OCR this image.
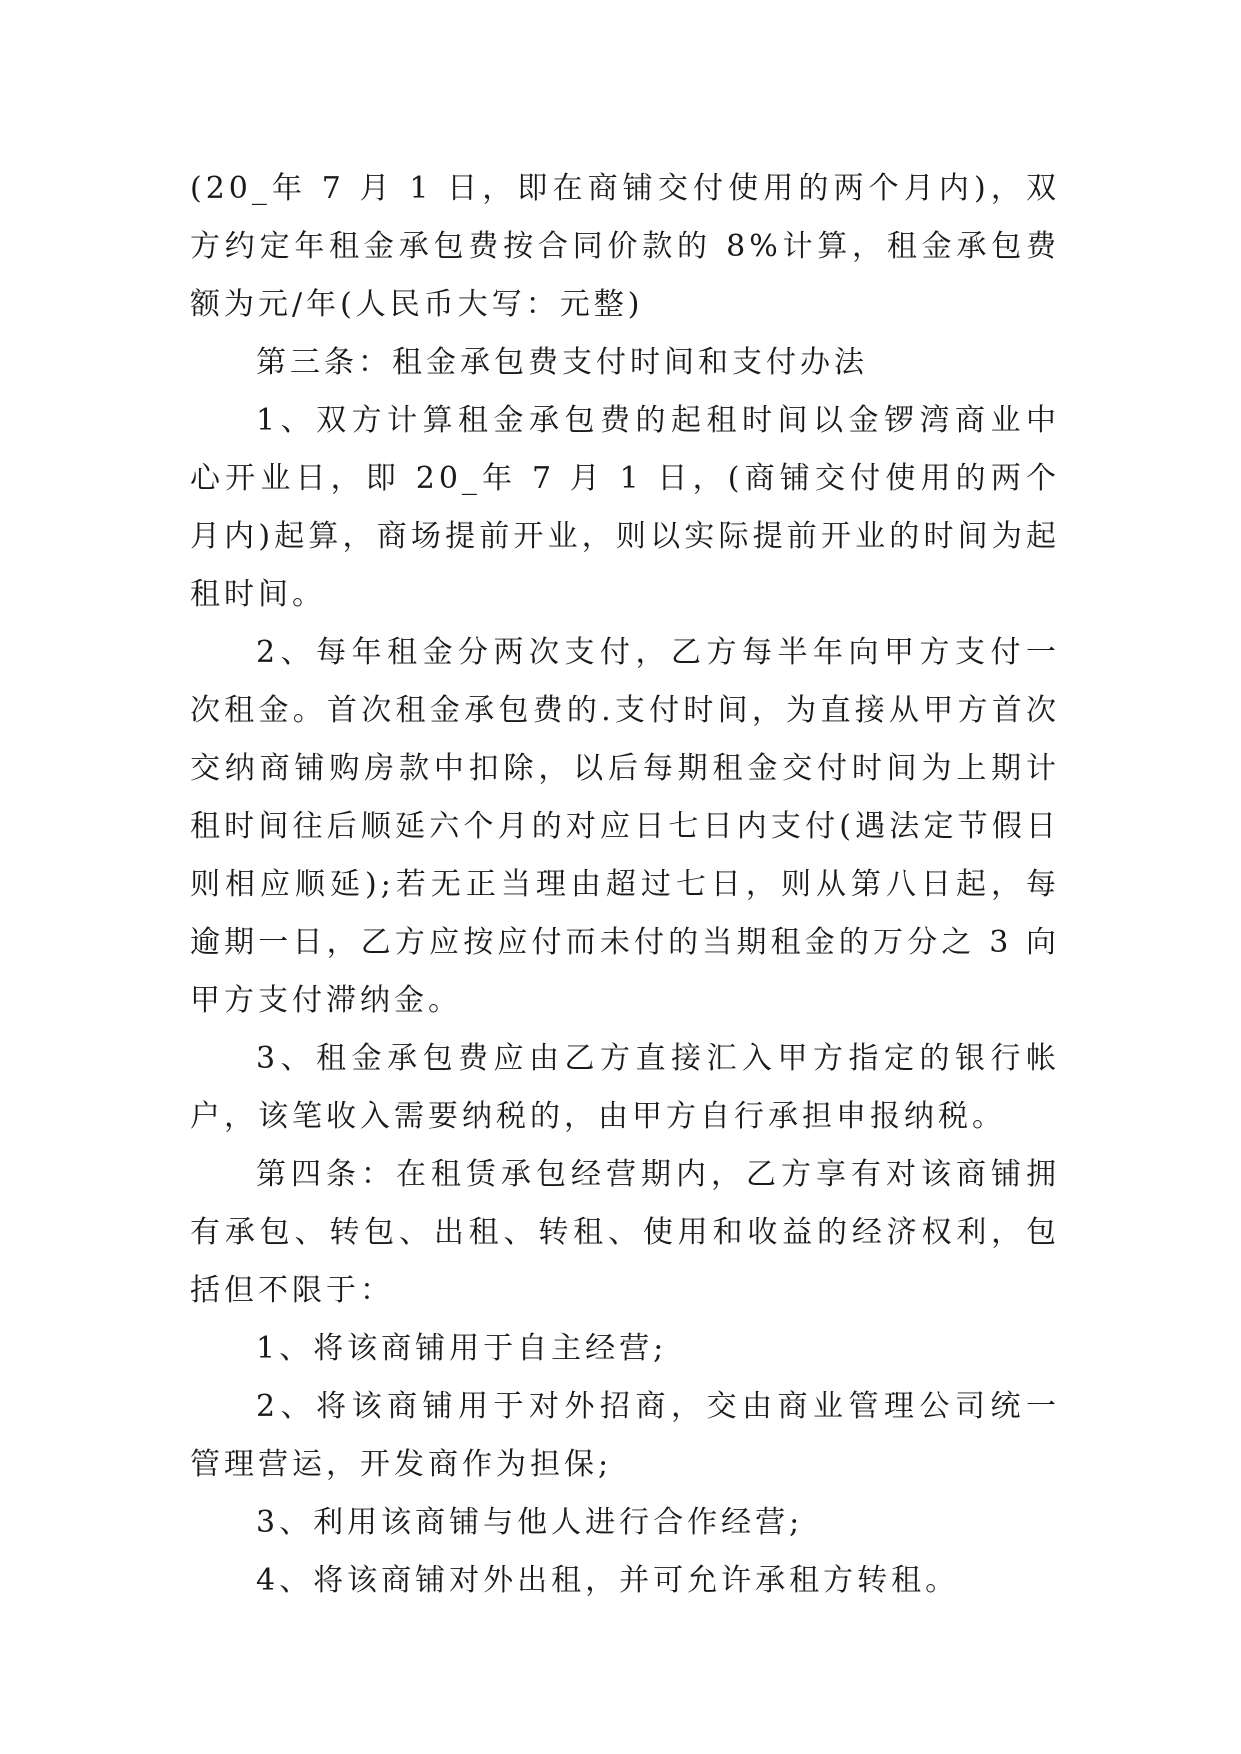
(20_年 7 月 1 日，即在商铺交付使用的两个月内)，双方约定年租金承包费按合同价款的 8%计算，租金承包费额为元/年(人民币大写：元整)

第三条：租金承包费支付时间和支付办法

1、双方计算租金承包费的起租时间以金锣湾商业中心开业日，即 20_年 7 月 1 日，(商铺交付使用的两个月内)起算，商场提前开业，则以实际提前开业的时间为起租时间。

2、每年租金分两次支付，乙方每半年向甲方支付一次租金。首次租金承包费的.支付时间，为直接从甲方首次交纳商铺购房款中扣除，以后每期租金交付时间为上期计租时间往后顺延六个月的对应日七日内支付(遇法定节假日则相应顺延);若无正当理由超过七日，则从第八日起，每逾期一日，乙方应按应付而未付的当期租金的万分之 3 向甲方支付滞纳金。

3、租金承包费应由乙方直接汇入甲方指定的银行帐户，该笔收入需要纳税的，由甲方自行承担申报纳税。

第四条：在租赁承包经营期内，乙方享有对该商铺拥有承包、转包、出租、转租、使用和收益的经济权利，包括但不限于：

1、将该商铺用于自主经营;

2、将该商铺用于对外招商，交由商业管理公司统一管理营运，开发商作为担保;

3、利用该商铺与他人进行合作经营;

4、将该商铺对外出租，并可允许承租方转租。
